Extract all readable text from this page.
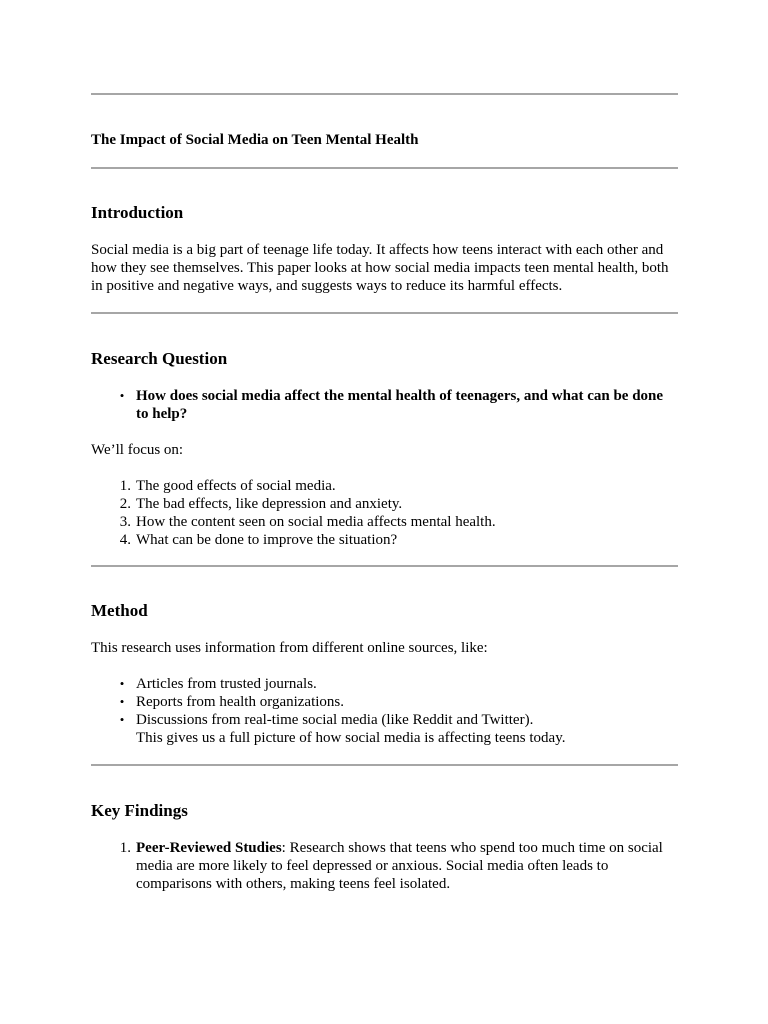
The Impact of Social Media on Teen Mental Health
Introduction
Social media is a big part of teenage life today. It affects how teens interact with each other and how they see themselves. This paper looks at how social media impacts teen mental health, both in positive and negative ways, and suggests ways to reduce its harmful effects.
Research Question
• How does social media affect the mental health of teenagers, and what can be done to help?
We’ll focus on:
1. The good effects of social media.
2. The bad effects, like depression and anxiety.
3. How the content seen on social media affects mental health.
4. What can be done to improve the situation?
Method
This research uses information from different online sources, like:
• Articles from trusted journals.
• Reports from health organizations.
• Discussions from real-time social media (like Reddit and Twitter).
This gives us a full picture of how social media is affecting teens today.
Key Findings
1. Peer-Reviewed Studies: Research shows that teens who spend too much time on social media are more likely to feel depressed or anxious. Social media often leads to comparisons with others, making teens feel isolated.
